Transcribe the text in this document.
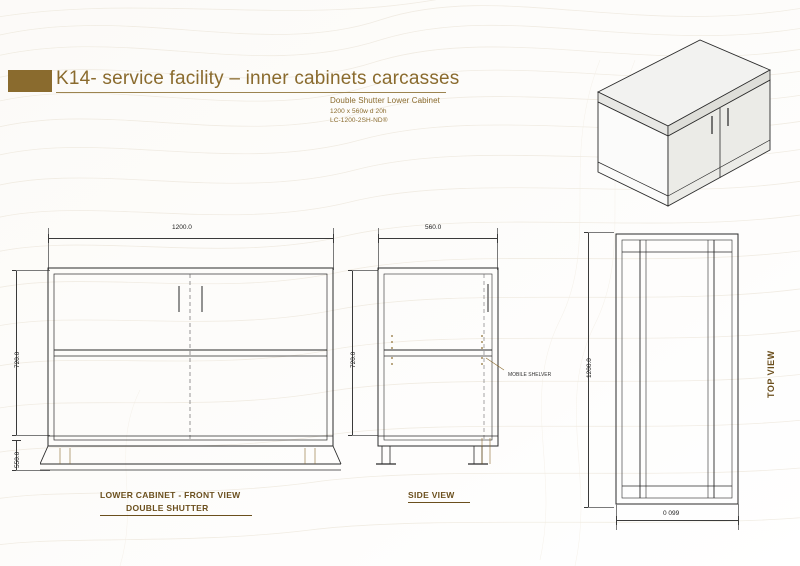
K14- service facility – inner cabinets carcasses
Double Shutter Lower Cabinet
1200 x 560w d 20h
LC-1200-2SH-ND®
1200.0
720.0
550.0
LOWER CABINET - FRONT VIEW
DOUBLE SHUTTER
560.0
720.0
MOBILE SHELVER
SIDE VIEW
1200.0
0 099
TOP VIEW
